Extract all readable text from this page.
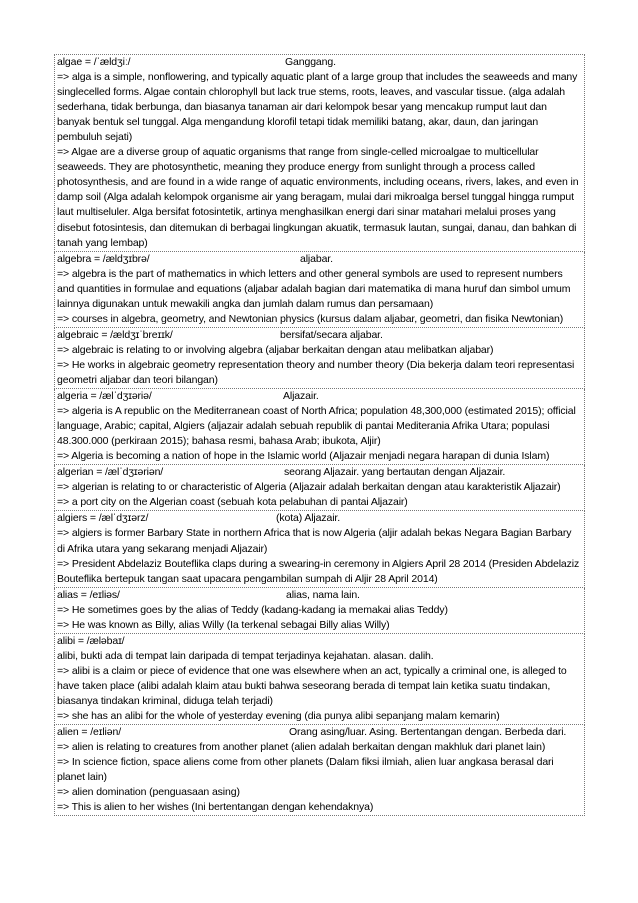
algae = /ˈældʒiː/	Ganggang.
=> alga is a simple, nonflowering, and typically aquatic plant of a large group that includes the seaweeds and many singlecelled forms. Algae contain chlorophyll but lack true stems, roots, leaves, and vascular tissue. (alga adalah sederhana, tidak berbunga, dan biasanya tanaman air dari kelompok besar yang mencakup rumput laut dan banyak bentuk sel tunggal. Alga mengandung klorofil tetapi tidak memiliki batang, akar, daun, dan jaringan pembuluh sejati)
=> Algae are a diverse group of aquatic organisms that range from single-celled microalgae to multicellular seaweeds. They are photosynthetic, meaning they produce energy from sunlight through a process called photosynthesis, and are found in a wide range of aquatic environments, including oceans, rivers, lakes, and even in damp soil (Alga adalah kelompok organisme air yang beragam, mulai dari mikroalga bersel tunggal hingga rumput laut multiseluler. Alga bersifat fotosintetik, artinya menghasilkan energi dari sinar matahari melalui proses yang disebut fotosintesis, dan ditemukan di berbagai lingkungan akuatik, termasuk lautan, sungai, danau, dan bahkan di tanah yang lembap)
algebra = /ældʒɪbrə/	aljabar.
=> algebra is the part of mathematics in which letters and other general symbols are used to represent numbers and quantities in formulae and equations (aljabar adalah bagian dari matematika di mana huruf dan simbol umum lainnya digunakan untuk mewakili angka dan jumlah dalam rumus dan persamaan)
=> courses in algebra, geometry, and Newtonian physics (kursus dalam aljabar, geometri, dan fisika Newtonian)
algebraic = /ældʒɪˈbreɪɪk/	bersifat/secara aljabar.
=> algebraic is relating to or involving algebra (aljabar berkaitan dengan atau melibatkan aljabar)
=> He works in algebraic geometry representation theory and number theory (Dia bekerja dalam teori representasi geometri aljabar dan teori bilangan)
algeria = /ælˈdʒɪəriə/	Aljazair.
=> algeria is A republic on the Mediterranean coast of North Africa; population 48,300,000 (estimated 2015); official language, Arabic; capital, Algiers (aljazair adalah sebuah republik di pantai Mediterania Afrika Utara; populasi 48.300.000 (perkiraan 2015); bahasa resmi, bahasa Arab; ibukota, Aljir)
=> Algeria is becoming a nation of hope in the Islamic world (Aljazair menjadi negara harapan di dunia Islam)
algerian = /ælˈdʒɪəriən/	seorang Aljazair. yang bertautan dengan Aljazair.
=> algerian is relating to or characteristic of Algeria (Aljazair adalah berkaitan dengan atau karakteristik Aljazair)
=> a port city on the Algerian coast (sebuah kota pelabuhan di pantai Aljazair)
algiers = /ælˈdʒɪərz/	(kota) Aljazair.
=> algiers is former Barbary State in northern Africa that is now Algeria (aljir adalah bekas Negara Bagian Barbary di Afrika utara yang sekarang menjadi Aljazair)
=> President Abdelaziz Bouteflika claps during a swearing-in ceremony in Algiers April 28 2014 (Presiden Abdelaziz Bouteflika bertepuk tangan saat upacara pengambilan sumpah di Aljir 28 April 2014)
alias = /eɪliəs/	alias, nama lain.
=> He sometimes goes by the alias of Teddy (kadang-kadang ia memakai alias Teddy)
=> He was known as Billy, alias Willy (Ia terkenal sebagai Billy alias Willy)
alibi = /æləbaɪ/ alibi, bukti ada di tempat lain daripada di tempat terjadinya kejahatan. alasan. dalih.
=> alibi is a claim or piece of evidence that one was elsewhere when an act, typically a criminal one, is alleged to have taken place (alibi adalah klaim atau bukti bahwa seseorang berada di tempat lain ketika suatu tindakan, biasanya tindakan kriminal, diduga telah terjadi)
=> she has an alibi for the whole of yesterday evening (dia punya alibi sepanjang malam kemarin)
alien = /eɪliən/	Orang asing/luar. Asing. Bertentangan dengan. Berbeda dari.
=> alien is relating to creatures from another planet (alien adalah berkaitan dengan makhluk dari planet lain)
=> In science fiction, space aliens come from other planets (Dalam fiksi ilmiah, alien luar angkasa berasal dari planet lain)
=> alien domination (penguasaan asing)
=> This is alien to her wishes (Ini bertentangan dengan kehendaknya)
